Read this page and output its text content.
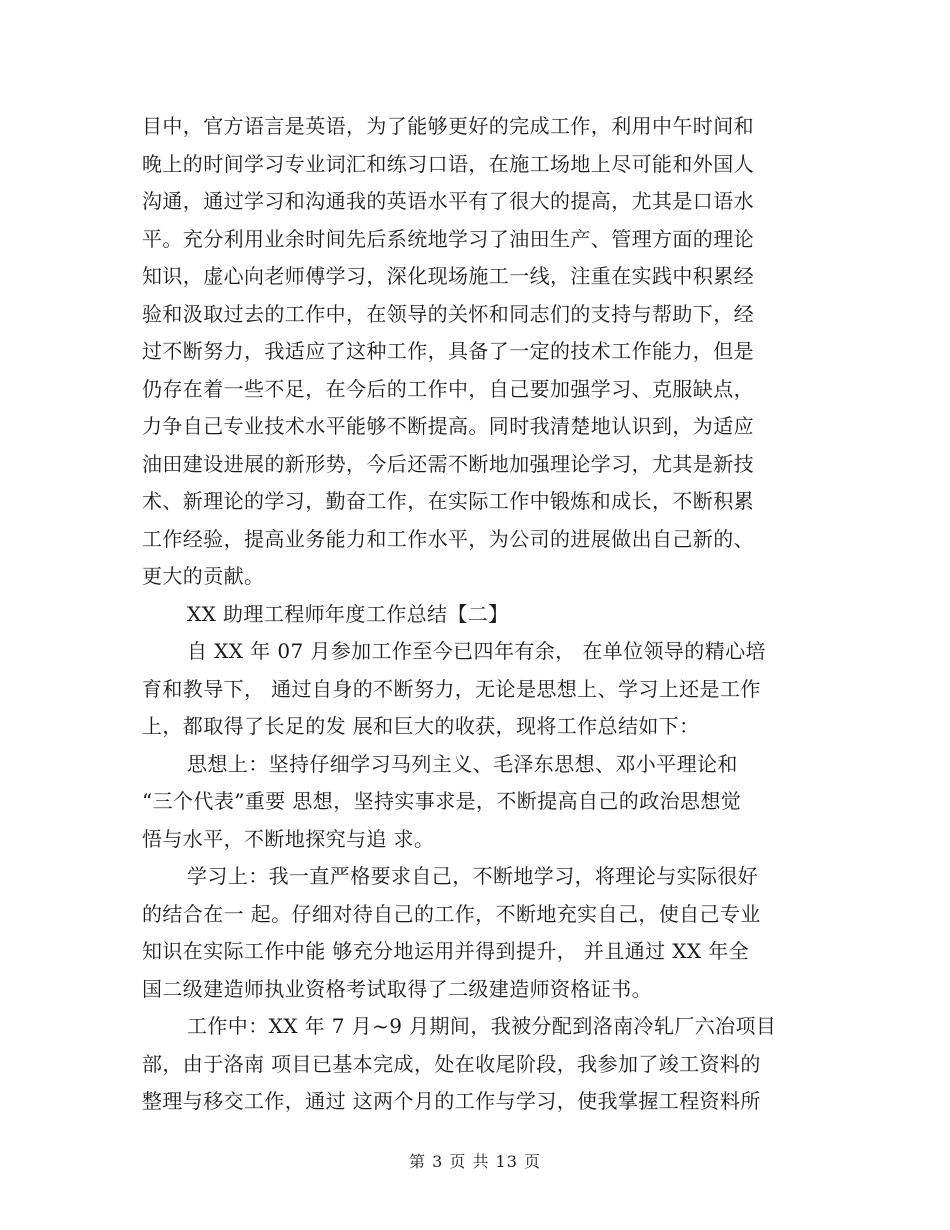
目中，官方语言是英语，为了能够更好的完成工作，利用中午时间和
晚上的时间学习专业词汇和练习口语，在施工场地上尽可能和外国人
沟通，通过学习和沟通我的英语水平有了很大的提高，尤其是口语水
平。充分利用业余时间先后系统地学习了油田生产、管理方面的理论
知识，虚心向老师傅学习，深化现场施工一线，注重在实践中积累经
验和汲取过去的工作中，在领导的关怀和同志们的支持与帮助下，经
过不断努力，我适应了这种工作，具备了一定的技术工作能力，但是
仍存在着一些不足，在今后的工作中，自己要加强学习、克服缺点，
力争自己专业技术水平能够不断提高。同时我清楚地认识到，为适应
油田建设进展的新形势，今后还需不断地加强理论学习，尤其是新技
术、新理论的学习，勤奋工作，在实际工作中锻炼和成长，不断积累
工作经验，提高业务能力和工作水平，为公司的进展做出自己新的、
更大的贡献。
XX 助理工程师年度工作总结【二】
自 XX 年 07 月参加工作至今已四年有余， 在单位领导的精心培
育和教导下， 通过自身的不断努力，无论是思想上、学习上还是工作
上，都取得了长足的发 展和巨大的收获，现将工作总结如下：
思想上：坚持仔细学习马列主义、毛泽东思想、邓小平理论和
“三个代表”重要 思想，坚持实事求是，不断提高自己的政治思想觉
悟与水平，不断地探究与追 求。
学习上：我一直严格要求自己，不断地学习，将理论与实际很好
的结合在一 起。仔细对待自己的工作，不断地充实自己，使自己专业
知识在实际工作中能 够充分地运用并得到提升， 并且通过 XX 年全
国二级建造师执业资格考试取得了二级建造师资格证书。
工作中：XX 年 7 月~9 月期间，我被分配到洛南冷轧厂六冶项目
部，由于洛南 项目已基本完成，处在收尾阶段，我参加了竣工资料的
整理与移交工作，通过 这两个月的工作与学习，使我掌握工程资料所
第 3 页 共 13 页
